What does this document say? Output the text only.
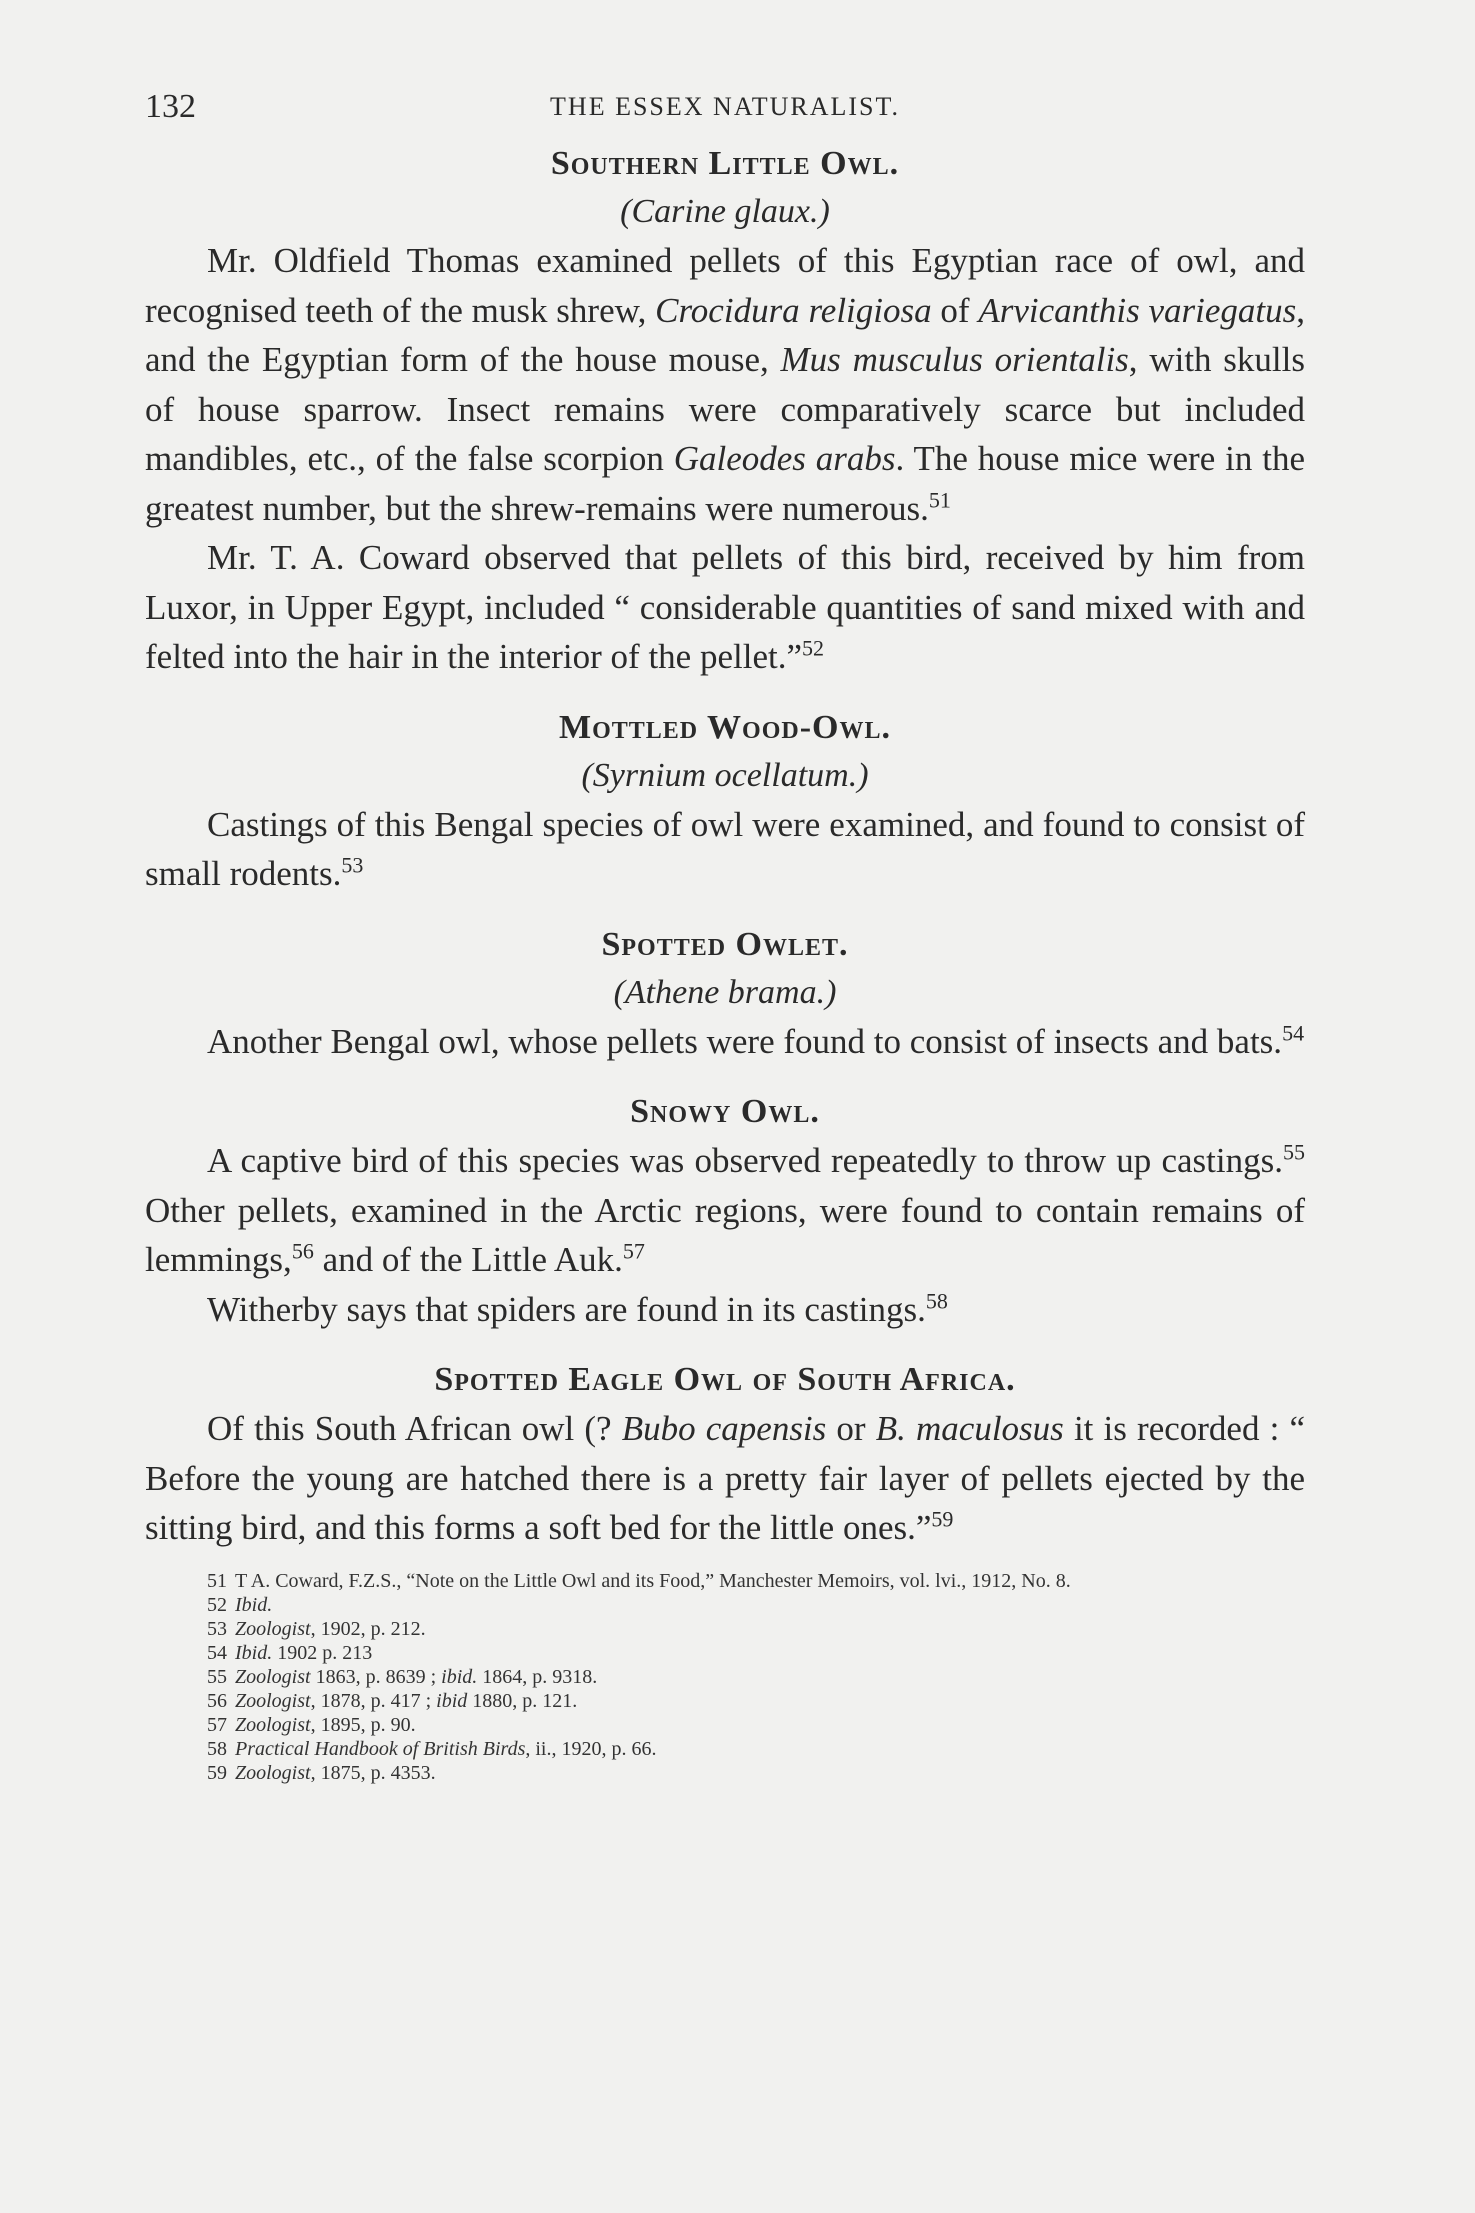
132	THE ESSEX NATURALIST.
Southern Little Owl.
(Carine glaux.)

Mr. Oldfield Thomas examined pellets of this Egyptian race of owl, and recognised teeth of the musk shrew, Crocidura religiosa of Arvicanthis variegatus, and the Egyptian form of the house mouse, Mus musculus orientalis, with skulls of house sparrow. Insect remains were comparatively scarce but included mandibles, etc., of the false scorpion Galeodes arabs. The house mice were in the greatest number, but the shrew-remains were numerous.$^{51}$

Mr. T. A. Coward observed that pellets of this bird, received by him from Luxor, in Upper Egypt, included “ considerable quantities of sand mixed with and felted into the hair in the interior of the pellet.”$^{52}$

Mottled Wood-Owl.
(Syrnium ocellatum.)

Castings of this Bengal species of owl were examined, and found to consist of small rodents.$^{53}$

Spotted Owlet.
(Athene brama.)

Another Bengal owl, whose pellets were found to consist of insects and bats.$^{54}$

Snowy Owl.

A captive bird of this species was observed repeatedly to throw up castings.$^{55}$ Other pellets, examined in the Arctic regions, were found to contain remains of lemmings,$^{56}$ and of the Little Auk.$^{57}$

Witherby says that spiders are found in its castings.$^{58}$

Spotted Eagle Owl of South Africa.

Of this South African owl (? Bubo capensis or B. maculosus it is recorded : “ Before the young are hatched there is a pretty fair layer of pellets ejected by the sitting bird, and this forms a soft bed for the little ones.”$^{59}$

51 T A. Coward, F.Z.S., “Note on the Little Owl and its Food,” Manchester Memoirs, vol. lvi., 1912, No. 8.

52 Ibid.

53 Zoologist, 1902, p. 212.

54 Ibid. 1902 p. 213

55 Zoologist 1863, p. 8639 ; ibid. 1864, p. 9318.

56 Zoologist, 1878, p. 417 ; ibid 1880, p. 121.

57 Zoologist, 1895, p. 90.

58 Practical Handbook of British Birds, ii., 1920, p. 66.

59 Zoologist, 1875, p. 4353.
